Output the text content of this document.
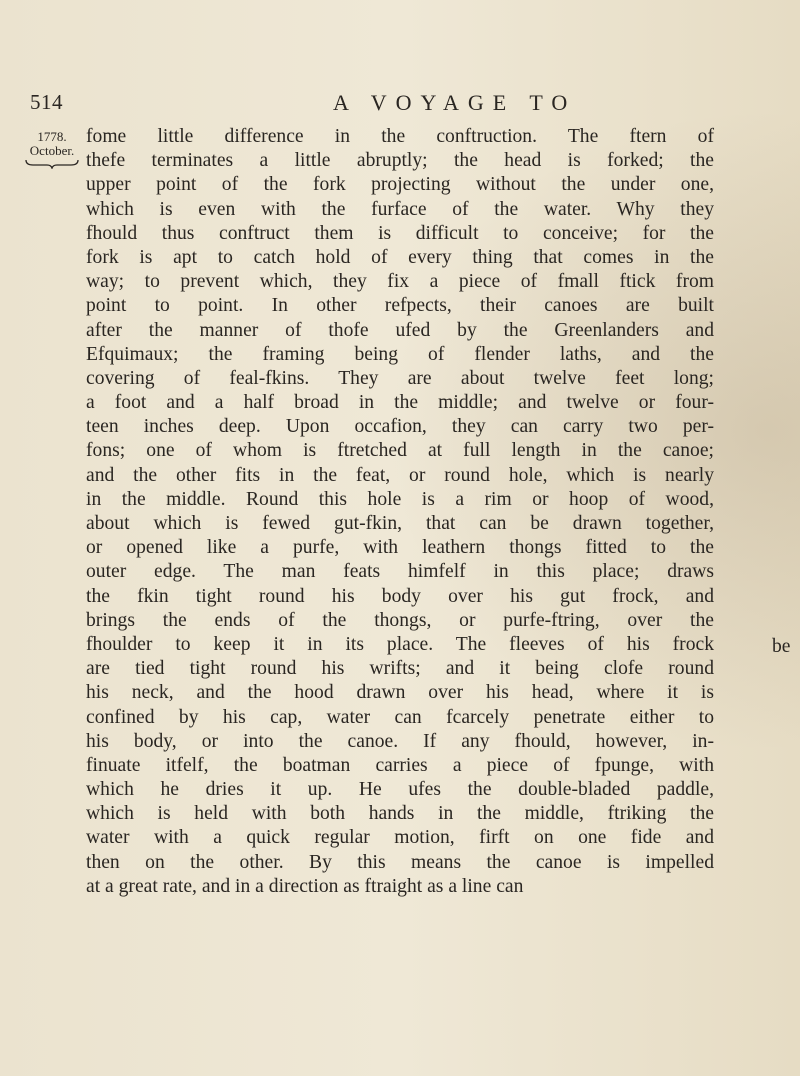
514	A VOYAGE TO
1778.
October.
fome little difference in the conftruction. The ftern of
thefe terminates a little abruptly; the head is forked; the
upper point of the fork projecting without the under one,
which is even with the furface of the water. Why they
fhould thus conftruct them is difficult to conceive; for the
fork is apt to catch hold of every thing that comes in the
way; to prevent which, they fix a piece of fmall ftick from
point to point. In other refpects, their canoes are built
after the manner of thofe ufed by the Greenlanders and
Efquimaux; the framing being of flender laths, and the
covering of feal-fkins. They are about twelve feet long;
a foot and a half broad in the middle; and twelve or four-
teen inches deep. Upon occafion, they can carry two per-
fons; one of whom is ftretched at full length in the canoe;
and the other fits in the feat, or round hole, which is nearly
in the middle. Round this hole is a rim or hoop of wood,
about which is fewed gut-fkin, that can be drawn together,
or opened like a purfe, with leathern thongs fitted to the
outer edge. The man feats himfelf in this place; draws
the fkin tight round his body over his gut frock, and
brings the ends of the thongs, or purfe-ftring, over the
fhoulder to keep it in its place. The fleeves of his frock
are tied tight round his wrifts; and it being clofe round
his neck, and the hood drawn over his head, where it is
confined by his cap, water can fcarcely penetrate either to
his body, or into the canoe. If any fhould, however, in-
finuate itfelf, the boatman carries a piece of fpunge, with
which he dries it up. He ufes the double-bladed paddle,
which is held with both hands in the middle, ftriking the
water with a quick regular motion, firft on one fide and
then on the other. By this means the canoe is impelled
at a great rate, and in a direction as ftraight as a line can
be
